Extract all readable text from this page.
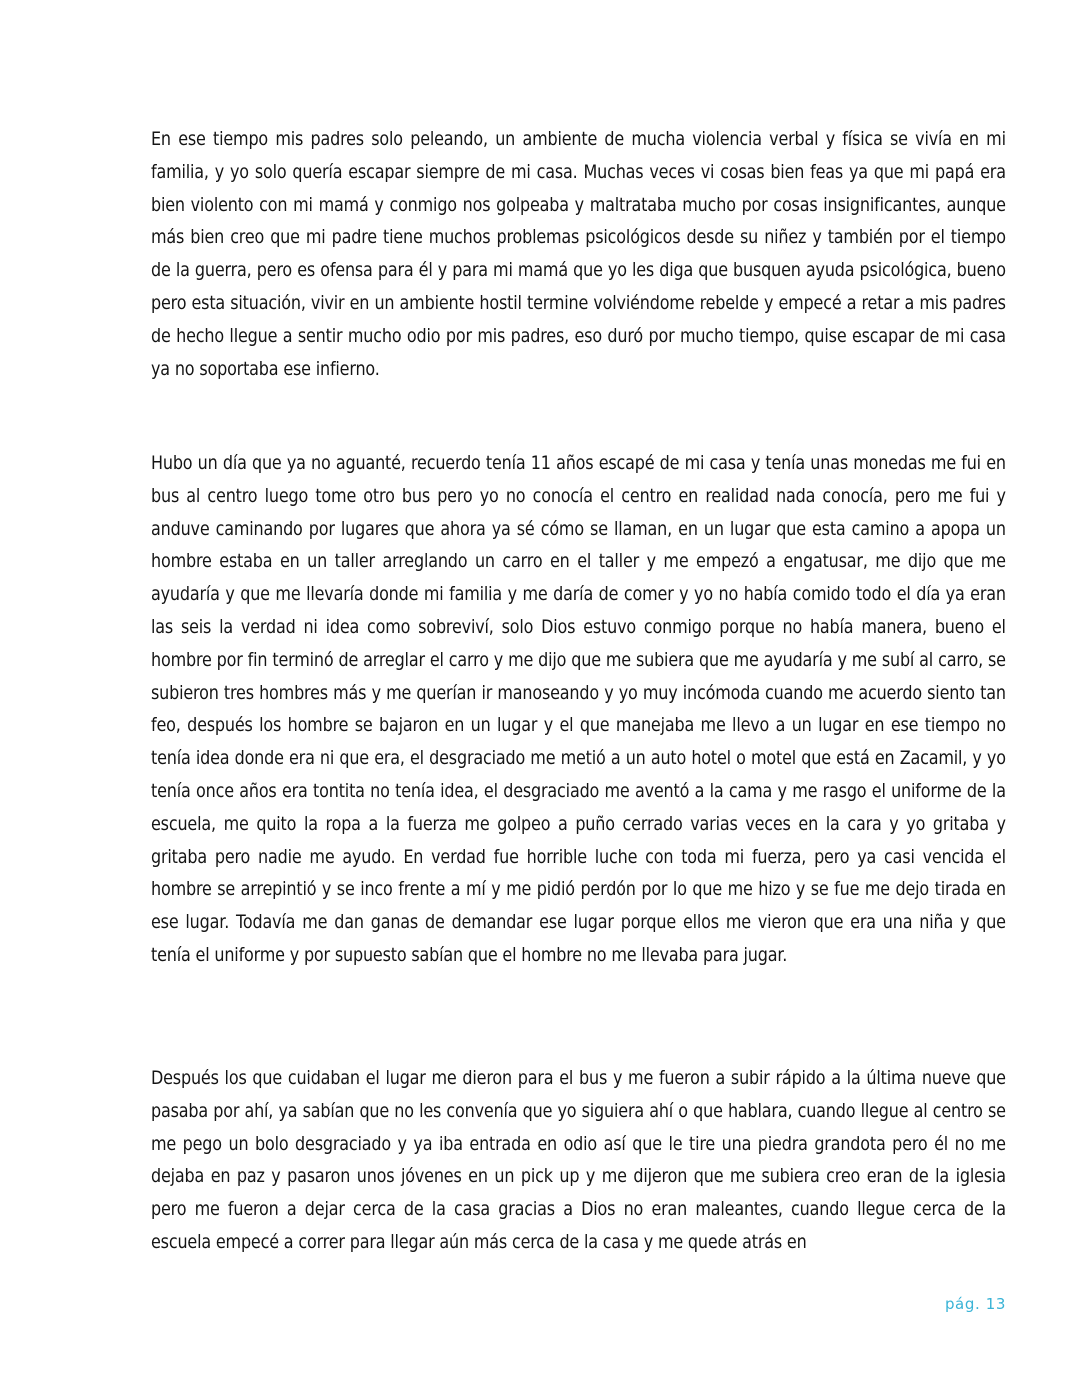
En ese tiempo mis padres solo peleando, un ambiente de mucha violencia verbal y física se vivía en mi familia, y yo solo quería escapar siempre de mi casa. Muchas veces vi cosas bien feas ya que mi papá era bien violento con mi mamá y conmigo nos golpeaba y maltrataba mucho por cosas insignificantes, aunque más bien creo que mi padre tiene muchos problemas psicológicos desde su niñez y también por el tiempo de la guerra, pero es ofensa para él y para mi mamá que yo les diga que busquen ayuda psicológica, bueno pero esta situación, vivir en un ambiente hostil termine volviéndome rebelde y empecé a retar a mis padres de hecho llegue a sentir mucho odio por mis padres, eso duró por mucho tiempo, quise escapar de mi casa ya no soportaba ese infierno.

Hubo un día que ya no aguanté, recuerdo tenía 11 años escapé de mi casa y tenía unas monedas me fui en bus al centro luego tome otro bus pero yo no conocía el centro en realidad nada conocía, pero me fui y anduve caminando por lugares que ahora ya sé cómo se llaman, en un lugar que esta camino a apopa un hombre estaba en un taller arreglando un carro en el taller y me empezó a engatusar, me dijo que me ayudaría y que me llevaría donde mi familia y me daría de comer y yo no había comido todo el día ya eran las seis la verdad ni idea como sobreviví, solo Dios estuvo conmigo porque no había manera, bueno el hombre por fin terminó de arreglar el carro y me dijo que me subiera que me ayudaría y me subí al carro, se subieron tres hombres más y me querían ir manoseando y yo muy incómoda cuando me acuerdo siento tan feo, después los hombre se bajaron en un lugar y el que manejaba me llevo a un lugar en ese tiempo no tenía idea donde era ni que era, el desgraciado me metió a un auto hotel o motel que está en Zacamil, y yo tenía once años era tontita no tenía idea, el desgraciado me aventó a la cama y me rasgo el uniforme de la escuela, me quito la ropa a la fuerza me golpeo a puño cerrado varias veces en la cara y yo gritaba y gritaba pero nadie me ayudo. En verdad fue horrible luche con toda mi fuerza, pero ya casi vencida el hombre se arrepintió y se inco frente a mí y me pidió perdón por lo que me hizo y se fue me dejo tirada en ese lugar. Todavía me dan ganas de demandar ese lugar porque ellos me vieron que era una niña y que tenía el uniforme y por supuesto sabían que el hombre no me llevaba para jugar.

Después los que cuidaban el lugar me dieron para el bus y me fueron a subir rápido a la última nueve que pasaba por ahí, ya sabían que no les convenía que yo siguiera ahí o que hablara, cuando llegue al centro se me pego un bolo desgraciado y ya iba entrada en odio así que le tire una piedra grandota pero él no me dejaba en paz y pasaron unos jóvenes en un pick up y me dijeron que me subiera creo eran de la iglesia pero me fueron a dejar cerca de la casa gracias a Dios no eran maleantes, cuando llegue cerca de la escuela empecé a correr para llegar aún más cerca de la casa y me quede atrás en

pág. 13
